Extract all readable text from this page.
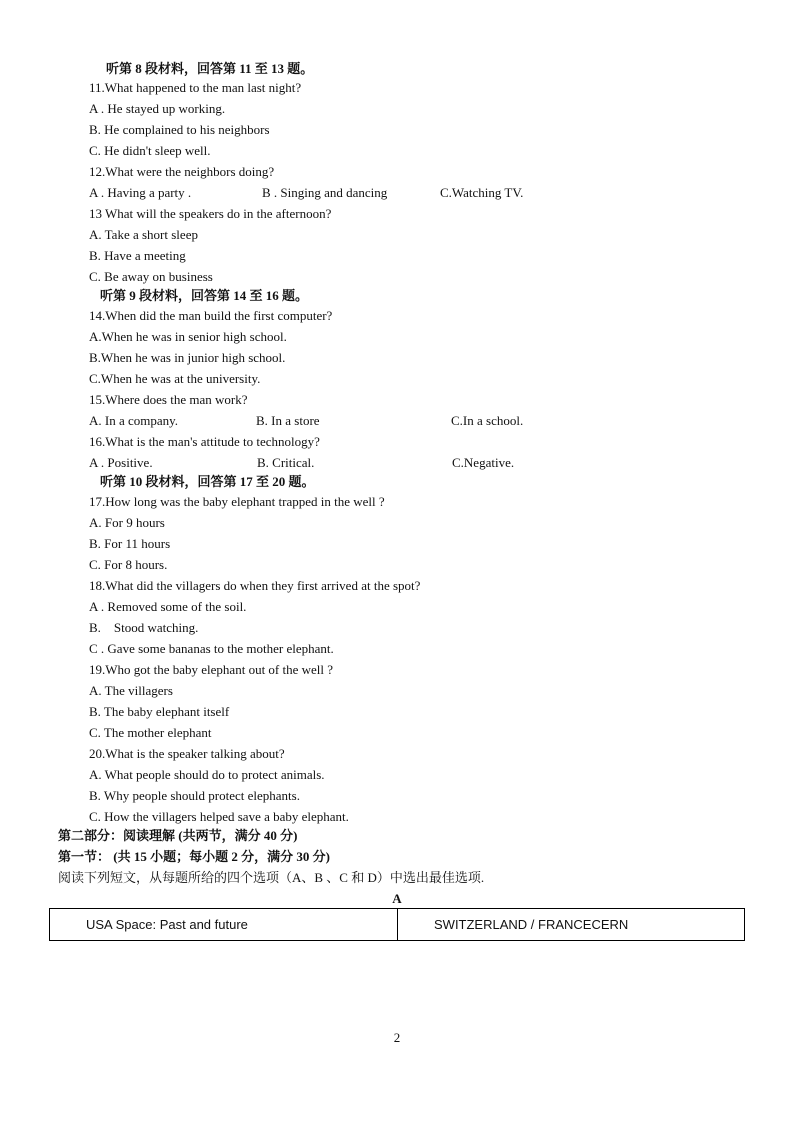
听第 8 段材料，回答第 11 至 13 题。
11.What happened to the man last night?
A . He stayed up working.
B. He complained to his neighbors
C. He didn't sleep well.
12.What were the neighbors doing?
A . Having a party .	B . Singing and dancing	C.Watching TV.
13 What will the speakers do in the afternoon?
A. Take a short sleep
B. Have a meeting
C. Be away on business
听第 9 段材料，回答第 14 至 16 题。
14.When did the man build the first computer?
A.When he was in senior high school.
B.When he was in junior high school.
C.When he was at the university.
15.Where does the man work?
A. In a company.	B. In a store	C.In a school.
16.What is the man's attitude to technology?
A . Positive.	B. Critical.	C.Negative.
听第 10 段材料，回答第 17 至 20 题。
17.How long was the baby elephant trapped in the well ?
A. For 9 hours
B. For 11 hours
C. For 8 hours.
18.What did the villagers do when they first arrived at the spot?
A . Removed some of the soil.
B.    Stood watching.
C . Gave some bananas to the mother elephant.
19.Who got the baby elephant out of the well ?
A. The villagers
B. The baby elephant itself
C. The mother elephant
20.What is the speaker talking about?
A. What people should do to protect animals.
B. Why people should protect elephants.
C. How the villagers helped save a baby elephant.
第二部分：阅读理解 (共两节，满分 40 分)
第一节： (共 15 小题；每小题 2 分，满分 30 分)
阅读下列短文，从每题所给的四个选项（A、B 、C 和 D）中选出最佳选项.
A
USA Space: Past and future	SWITZERLAND / FRANCECERN
2
